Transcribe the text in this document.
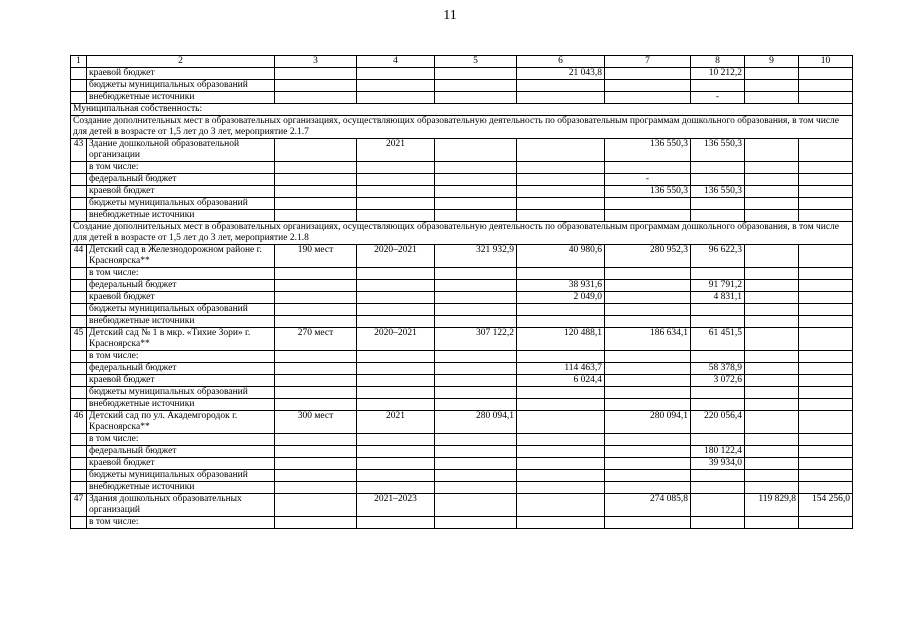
11
1	2	3	4	5	6	7	8	9	10
	краевой бюджет				21 043,8		10 212,2		
	бюджеты муниципальных образований								
	внебюджетные источники						-		
Муниципальная собственность:									
Создание дополнительных мест в образовательных организациях, осуществляющих образовательную деятельность по образовательным программам дошкольного образования, в том числе для детей в возрасте от 1,5 лет до 3 лет, мероприятие 2.1.7									
43	Здание дошкольной образовательной организации		2021			136 550,3	136 550,3		
	в том числе:								
	федеральный бюджет					-			
	краевой бюджет					136 550,3	136 550,3		
	бюджеты муниципальных образований								
	внебюджетные источники								
Создание дополнительных мест в образовательных организациях, осуществляющих образовательную деятельность по образовательным программам дошкольного образования, в том числе для детей в возрасте от 1,5 лет до 3 лет, мероприятие 2.1.8									
44	Детский сад в Железнодорожном районе г. Красноярска**	190 мест	2020–2021	321 932,9	40 980,6	280 952,3	96 622,3		
	в том числе:								
	федеральный бюджет				38 931,6		91 791,2		
	краевой бюджет				2 049,0		4 831,1		
	бюджеты муниципальных образований								
	внебюджетные источники								
45	Детский сад № 1 в мкр. «Тихие Зори» г. Красноярска**	270 мест	2020–2021	307 122,2	120 488,1	186 634,1	61 451,5		
	в том числе:								
	федеральный бюджет				114 463,7		58 378,9		
	краевой бюджет				6 024,4		3 072,6		
	бюджеты муниципальных образований								
	внебюджетные источники								
46	Детский сад по ул. Академгородок г. Красноярска**	300 мест	2021	280 094,1		280 094,1	220 056,4		
	в том числе:								
	федеральный бюджет						180 122,4		
	краевой бюджет						39 934,0		
	бюджеты муниципальных образований								
	внебюджетные источники								
47	Здания дошкольных образовательных организаций		2021–2023			274 085,8		119 829,8	154 256,0
	в том числе:								
